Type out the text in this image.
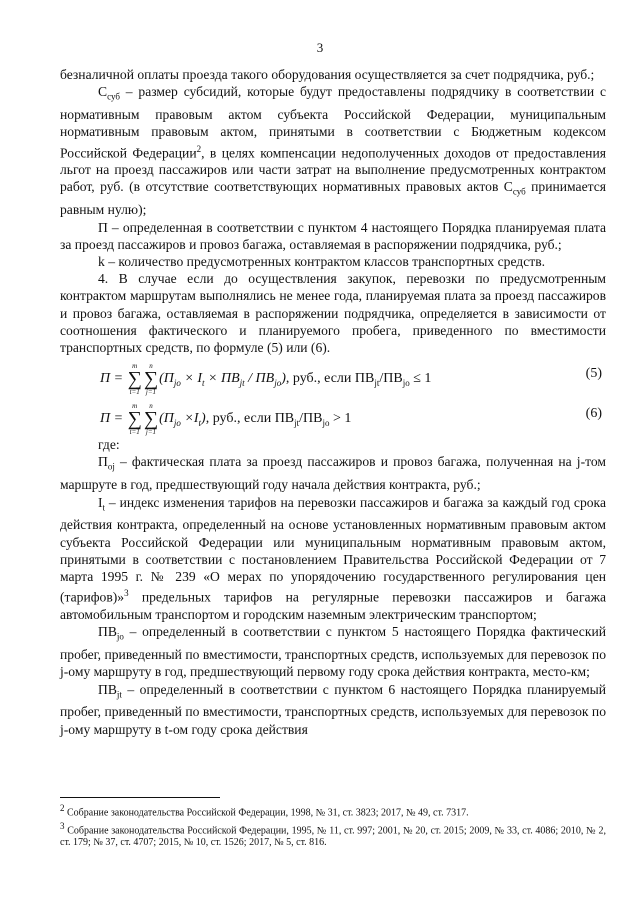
3

безналичной оплаты проезда такого оборудования осуществляется за счет подрядчика, руб.;

$С_{суб}$ – размер субсидий, которые будут предоставлены подрядчику в соответствии с нормативным правовым актом субъекта Российской Федерации, муниципальным нормативным правовым актом, принятыми в соответствии с Бюджетным кодексом Российской Федерации$^2$, в целях компенсации недополученных доходов от предоставления льгот на проезд пассажиров или части затрат на выполнение предусмотренных контрактом работ, руб. (в отсутствие соответствующих нормативных правовых актов $С_{суб}$ принимается равным нулю);

П – определенная в соответствии с пунктом 4 настоящего Порядка планируемая плата за проезд пассажиров и провоз багажа, оставляемая в распоряжении подрядчика, руб.;

k – количество предусмотренных контрактом классов транспортных средств.

4. В случае если до осуществления закупок, перевозки по предусмотренным контрактом маршрутам выполнялись не менее года, планируемая плата за проезд пассажиров и провоз багажа, оставляемая в распоряжении подрядчика, определяется в зависимости от соотношения фактического и планируемого пробега, приведенного по вместимости транспортных средств, по формуле (5) или (6).

П =
m
∑
t=1
n
∑
j=1
$(П_{jo} \times I_t \times ПВ_{jt} / ПВ_{jo})$, руб., если $ПВ_{jt}/ПВ_{jo} \le 1$	(5)
П =
m
∑
t=1
n
∑
j=1
$(П_{jo} \times I_t)$, руб., если $ПВ_{jt}/ПВ_{jo} > 1$	(6)

где:

$П_{oj}$ – фактическая плата за проезд пассажиров и провоз багажа, полученная на j-том маршруте в год, предшествующий году начала действия контракта, руб.;

$I_t$ – индекс изменения тарифов на перевозки пассажиров и багажа за каждый год срока действия контракта, определенный на основе установленных нормативным правовым актом субъекта Российской Федерации или муниципальным нормативным правовым актом, принятыми в соответствии с постановлением Правительства Российской Федерации от 7 марта 1995 г. № 239 «О мерах по упорядочению государственного регулирования цен (тарифов)»$^3$ предельных тарифов на регулярные перевозки пассажиров и багажа автомобильным транспортом и городским наземным электрическим транспортом;

$ПВ_{jo}$ – определенный в соответствии с пунктом 5 настоящего Порядка фактический пробег, приведенный по вместимости, транспортных средств, используемых для перевозок по j-ому маршруту в год, предшествующий первому году срока действия контракта, место-км;

$ПВ_{jt}$ – определенный в соответствии с пунктом 6 настоящего Порядка планируемый пробег, приведенный по вместимости, транспортных средств, используемых для перевозок по j-ому маршруту в t-ом году срока действия

$^2$ Собрание законодательства Российской Федерации, 1998, № 31, ст. 3823; 2017, № 49, ст. 7317.
$^3$ Собрание законодательства Российской Федерации, 1995, № 11, ст. 997; 2001, № 20, ст. 2015; 2009, № 33, ст. 4086; 2010, № 2, ст. 179; № 37, ст. 4707; 2015, № 10, ст. 1526; 2017, № 5, ст. 816.
